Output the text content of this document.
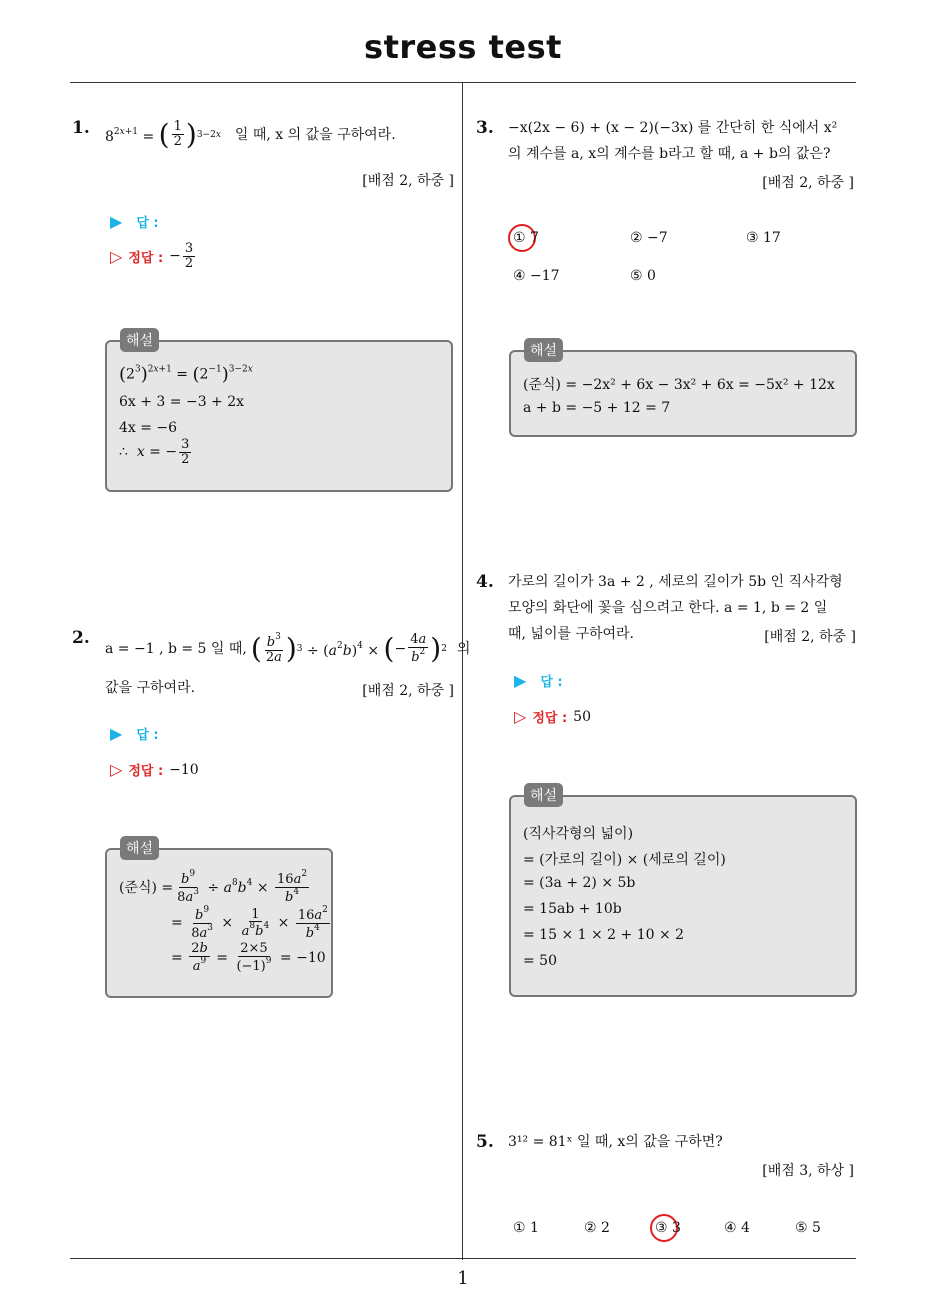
stress test
1
1. $8^{2x+1}$ = ( $\frac{1}{2}$ ) 3−2x 일 때, x 의 값을 구하여라.
[배점 2, 하중 ]
▶ 답 :
▷ 정답 : − $\frac{3}{2}$
$(2^3)^{2x+1} = (2^{-1})^{3-2x}$
6x + 3 = −3 + 2x
4x = −6
∴ x = − $\frac{3}{2}$
해설
2.
a = −1 , b = 5 일 때, ( $\frac{b^3}{2a}$ ) $3 \div (a^2b)^4$ × ( − $\frac{4a}{b^2}$ ) 2 의
값을 구하여라.	[배점 2, 하중 ]
▶ 답 :
▷ 정답 : −10
(준식) = $\frac{b^9}{8a^3} \div a^8b^4 \times \frac{16a^2}{b^4}$
= $\frac{b^9}{8a^3} \times \frac{1}{a^8b^4} \times \frac{16a^2}{b^4}$
= $\frac{2b}{a^9} = \frac{2\times 5}{(-1)^9} = -10$
해설
3. −x(2x − 6) + (x − 2)(−3x) 를 간단히 한 식에서 x²
의 계수를 a, x의 계수를 b라고 할 때, a + b의 값은?
[배점 2, 하중 ]
① 7	② −7	③ 17
④ −17	⑤ 0
(준식) = −2x² + 6x − 3x² + 6x = −5x² + 12x
a + b = −5 + 12 = 7
해설
4. 가로의 길이가 3a + 2 , 세로의 길이가 5b 인 직사각형
모양의 화단에 꽃을 심으려고 한다. a = 1, b = 2 일
때, 넓이를 구하여라.	[배점 2, 하중 ]
▶ 답 :
▷ 정답 : 50
(직사각형의 넓이)
= (가로의 길이) × (세로의 길이)
= (3a + 2) × 5b
= 15ab + 10b
= 15 × 1 × 2 + 10 × 2
= 50
해설
5. 3¹² = 81ˣ 일 때, x의 값을 구하면?
[배점 3, 하상 ]
① 1	② 2	③ 3	④ 4	⑤ 5
